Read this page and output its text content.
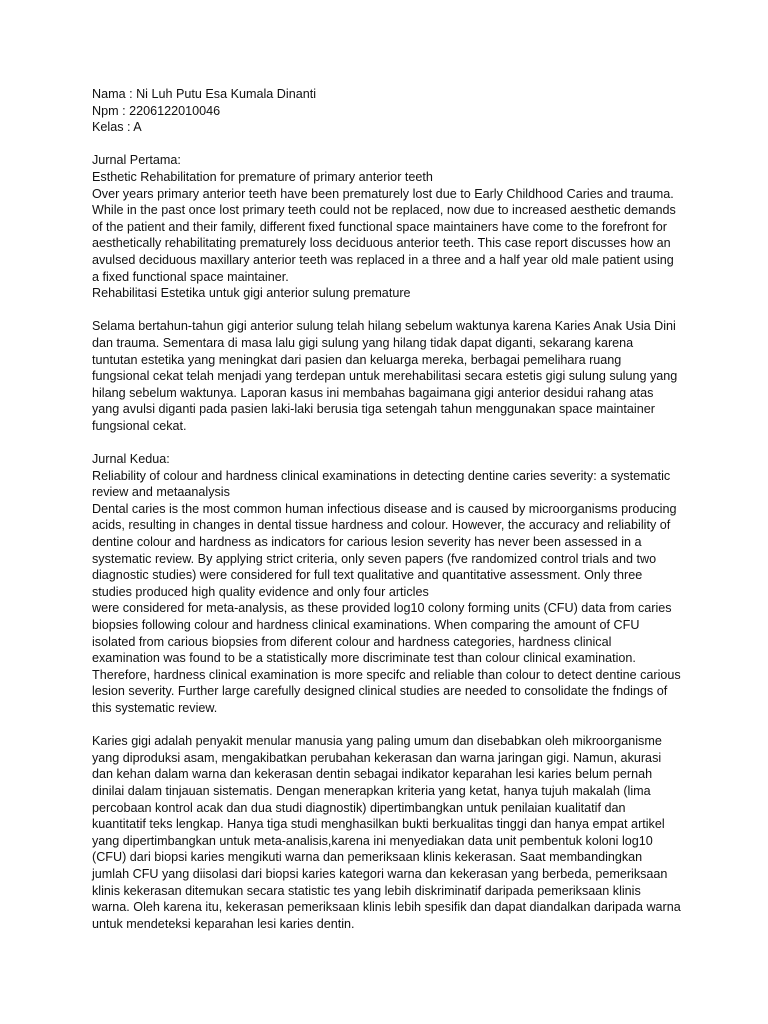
Nama : Ni Luh Putu Esa Kumala Dinanti

Npm : 2206122010046

Kelas : A

Jurnal Pertama:

Esthetic Rehabilitation for premature of primary anterior teeth

Over years primary anterior teeth have been prematurely lost due to Early Childhood Caries and trauma. While in the past once lost primary teeth could not be replaced, now due to increased aesthetic demands of the patient and their family, different fixed functional space maintainers have come to the forefront for aesthetically rehabilitating prematurely loss deciduous anterior teeth. This case report discusses how an avulsed deciduous maxillary anterior teeth was replaced in a three and a half year old male patient using a fixed functional space maintainer.

Rehabilitasi Estetika untuk gigi anterior sulung premature

Selama bertahun-tahun gigi anterior sulung telah hilang sebelum waktunya karena Karies Anak Usia Dini dan trauma. Sementara di masa lalu gigi sulung yang hilang tidak dapat diganti, sekarang karena tuntutan estetika yang meningkat dari pasien dan keluarga mereka, berbagai pemelihara ruang fungsional cekat telah menjadi yang terdepan untuk merehabilitasi secara estetis gigi sulung sulung yang hilang sebelum waktunya. Laporan kasus ini membahas bagaimana gigi anterior desidui rahang atas yang avulsi diganti pada pasien laki-laki berusia tiga setengah tahun menggunakan space maintainer fungsional cekat.

Jurnal Kedua:

Reliability of colour and hardness clinical examinations in detecting dentine caries severity: a systematic review and metaanalysis

Dental caries is the most common human infectious disease and is caused by microorganisms producing acids, resulting in changes in dental tissue hardness and colour. However, the accuracy and reliability of dentine colour and hardness as indicators for carious lesion severity has never been assessed in a systematic review. By applying strict criteria, only seven papers (fve randomized control trials and two diagnostic studies) were considered for full text qualitative and quantitative assessment. Only three studies produced high quality evidence and only four articles

were considered for meta-analysis, as these provided log10 colony forming units (CFU) data from caries biopsies following colour and hardness clinical examinations. When comparing the amount of CFU isolated from carious biopsies from diferent colour and hardness categories, hardness clinical examination was found to be a statistically more discriminate test than colour clinical examination. Therefore, hardness clinical examination is more specifc and reliable than colour to detect dentine carious lesion severity. Further large carefully designed clinical studies are needed to consolidate the fndings of this systematic review.

Karies gigi adalah penyakit menular manusia yang paling umum dan disebabkan oleh mikroorganisme yang diproduksi asam, mengakibatkan perubahan kekerasan dan warna jaringan gigi. Namun, akurasi dan kehan dalam warna dan kekerasan dentin sebagai indikator keparahan lesi karies belum pernah dinilai dalam tinjauan sistematis. Dengan menerapkan kriteria yang ketat, hanya tujuh makalah (lima percobaan kontrol acak dan dua studi diagnostik) dipertimbangkan untuk penilaian kualitatif dan kuantitatif teks lengkap. Hanya tiga studi menghasilkan bukti berkualitas tinggi dan hanya empat artikel yang dipertimbangkan untuk meta-analisis,karena ini menyediakan data unit pembentuk koloni log10 (CFU) dari biopsi karies mengikuti warna dan pemeriksaan klinis kekerasan. Saat membandingkan jumlah CFU yang diisolasi dari biopsi karies kategori warna dan kekerasan yang berbeda, pemeriksaan klinis kekerasan ditemukan secara statistic tes yang lebih diskriminatif daripada pemeriksaan klinis warna. Oleh karena itu, kekerasan pemeriksaan klinis lebih spesifik dan dapat diandalkan daripada warna untuk mendeteksi keparahan lesi karies dentin.
